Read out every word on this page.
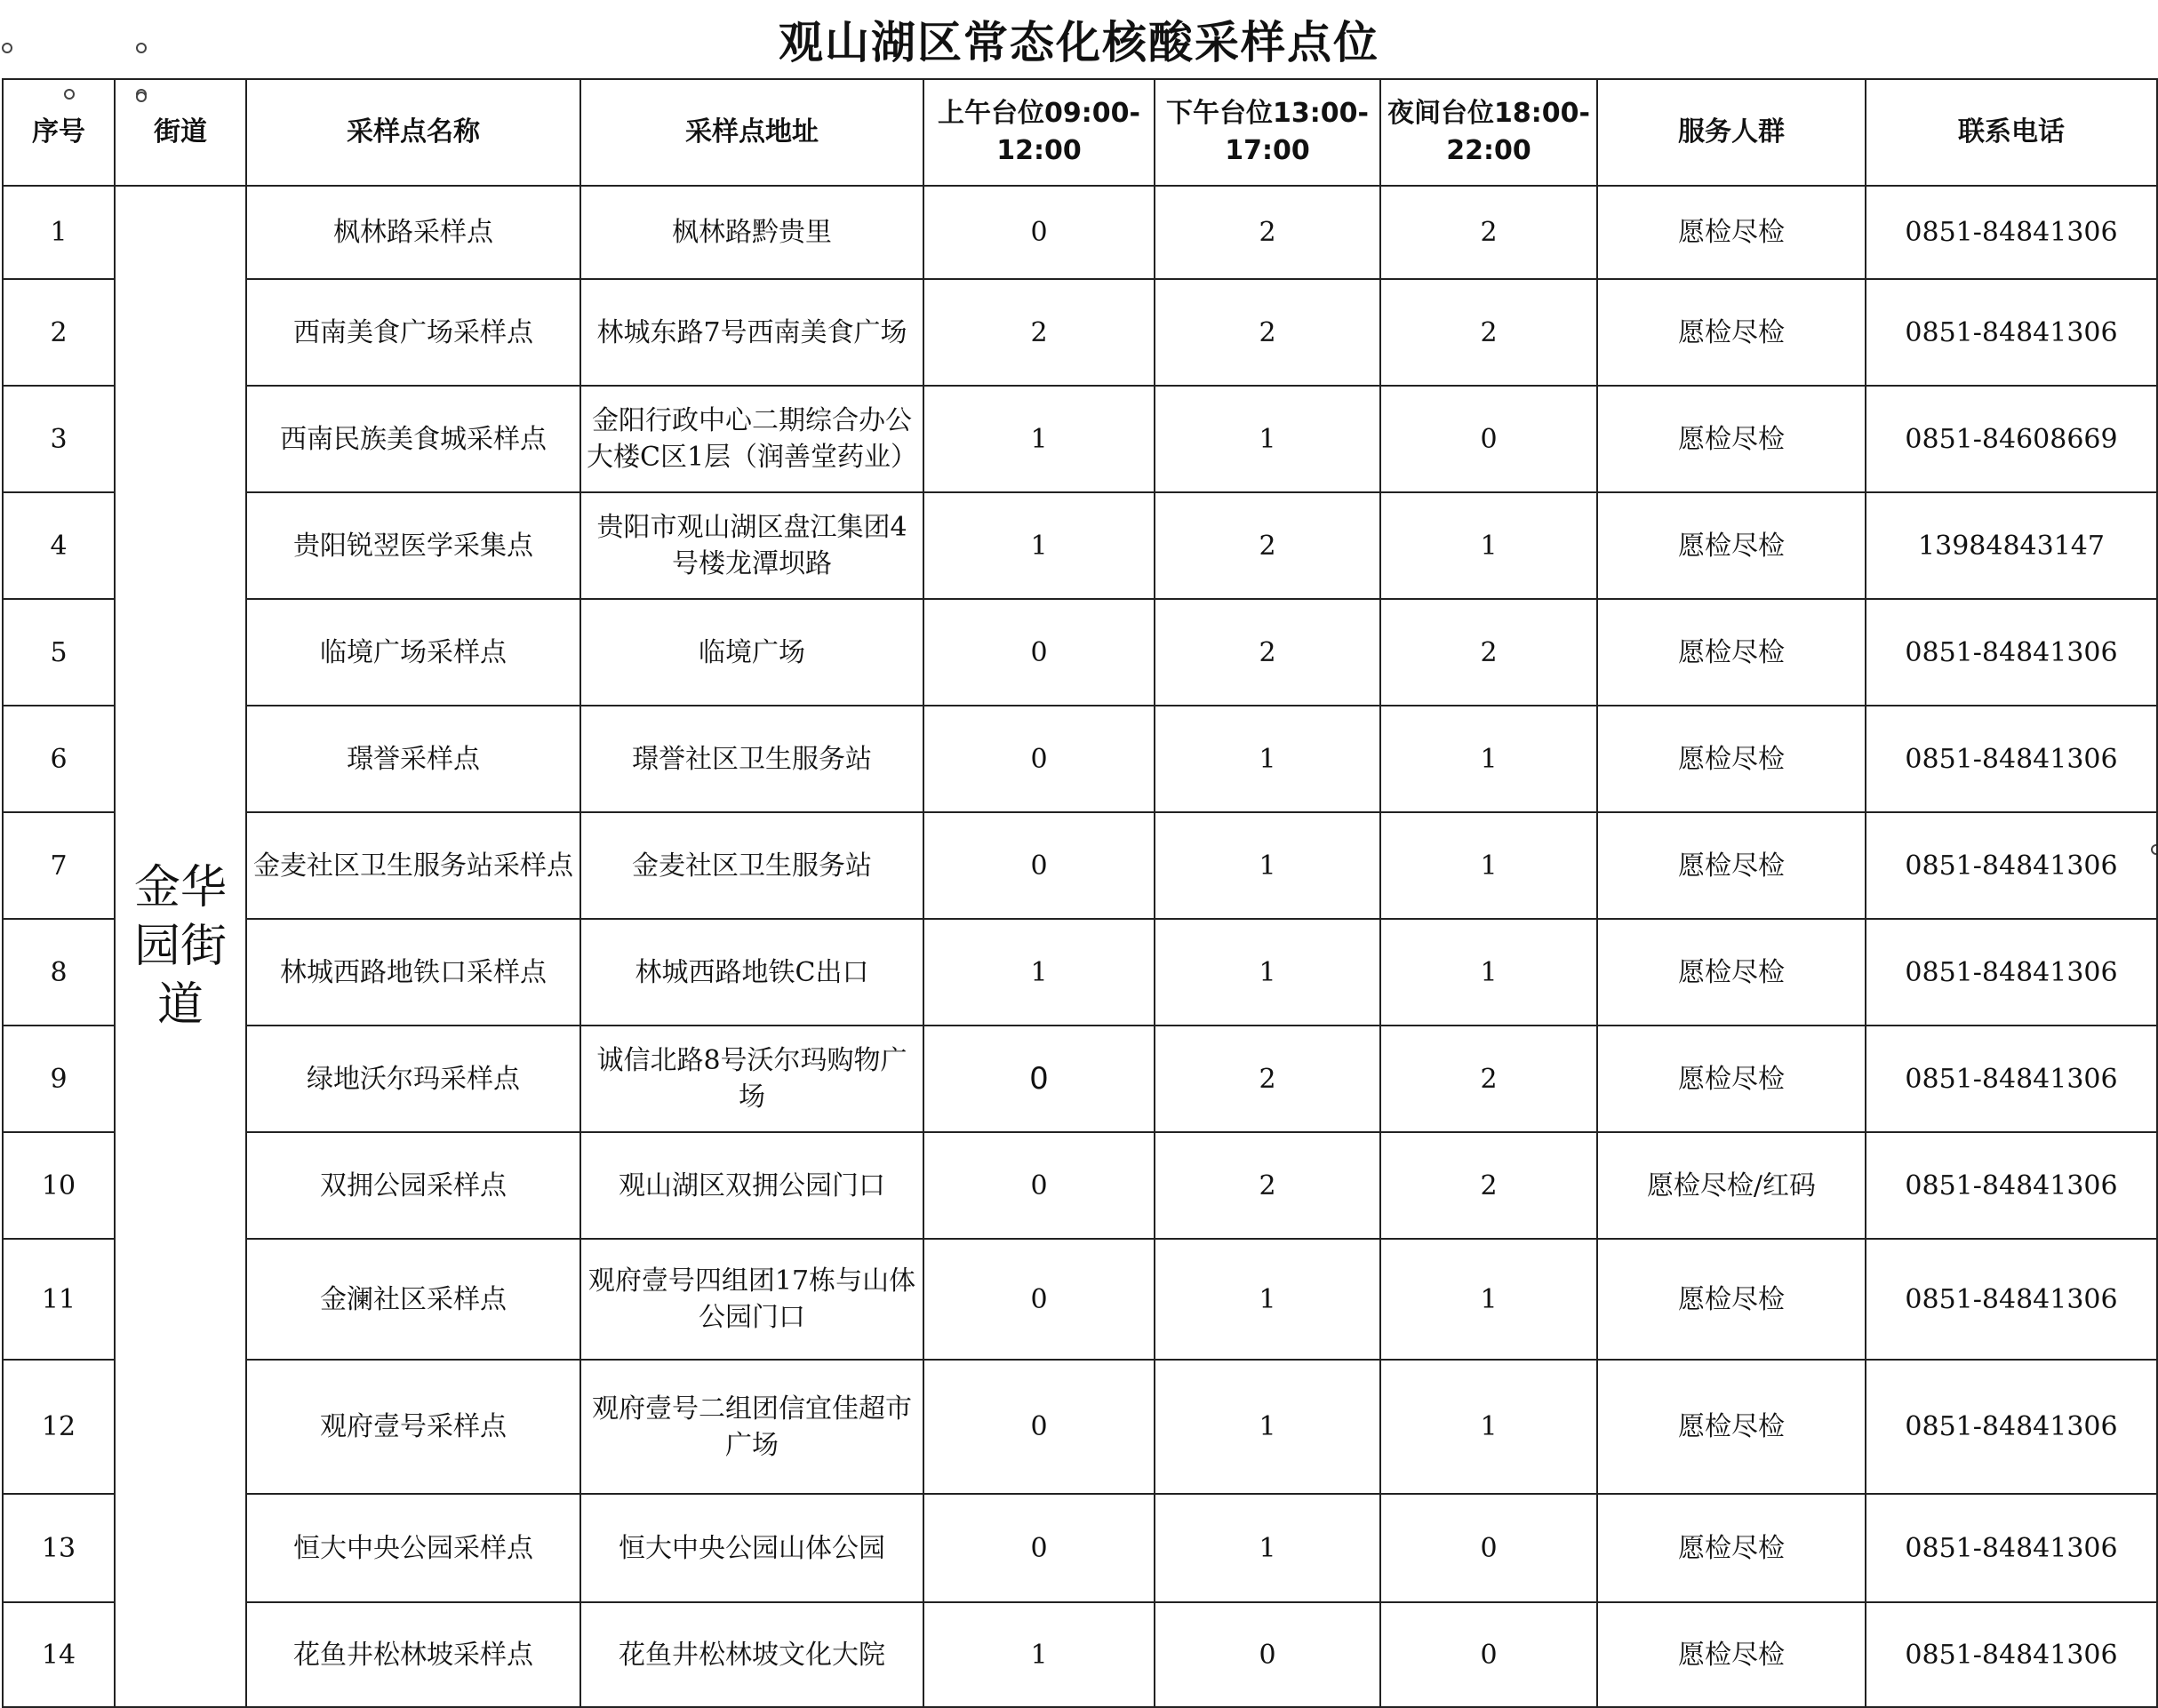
观山湖区常态化核酸采样点位
序号	街道	采样点名称	采样点地址	上午台位09:00-12:00	下午台位13:00-17:00	夜间台位18:00-22:00	服务人群	联系电话
1	金华园街道	枫林路采样点	枫林路黔贵里	0	2	2	愿检尽检	0851-84841306
2		西南美食广场采样点	林城东路7号西南美食广场	2	2	2	愿检尽检	0851-84841306
3		西南民族美食城采样点	金阳行政中心二期综合办公大楼C区1层（润善堂药业）	1	1	0	愿检尽检	0851-84608669
4		贵阳锐翌医学采集点	贵阳市观山湖区盘江集团4号楼龙潭坝路	1	2	1	愿检尽检	13984843147
5		临境广场采样点	临境广场	0	2	2	愿检尽检	0851-84841306
6		璟誉采样点	璟誉社区卫生服务站	0	1	1	愿检尽检	0851-84841306
7		金麦社区卫生服务站采样点	金麦社区卫生服务站	0	1	1	愿检尽检	0851-84841306
8		林城西路地铁口采样点	林城西路地铁C出口	1	1	1	愿检尽检	0851-84841306
9		绿地沃尔玛采样点	诚信北路8号沃尔玛购物广场	0	2	2	愿检尽检	0851-84841306
10		双拥公园采样点	观山湖区双拥公园门口	0	2	2	愿检尽检/红码	0851-84841306
11		金澜社区采样点	观府壹号四组团17栋与山体公园门口	0	1	1	愿检尽检	0851-84841306
12		观府壹号采样点	观府壹号二组团信宜佳超市广场	0	1	1	愿检尽检	0851-84841306
13		恒大中央公园采样点	恒大中央公园山体公园	0	1	0	愿检尽检	0851-84841306
14		花鱼井松林坡采样点	花鱼井松林坡文化大院	1	0	0	愿检尽检	0851-84841306
